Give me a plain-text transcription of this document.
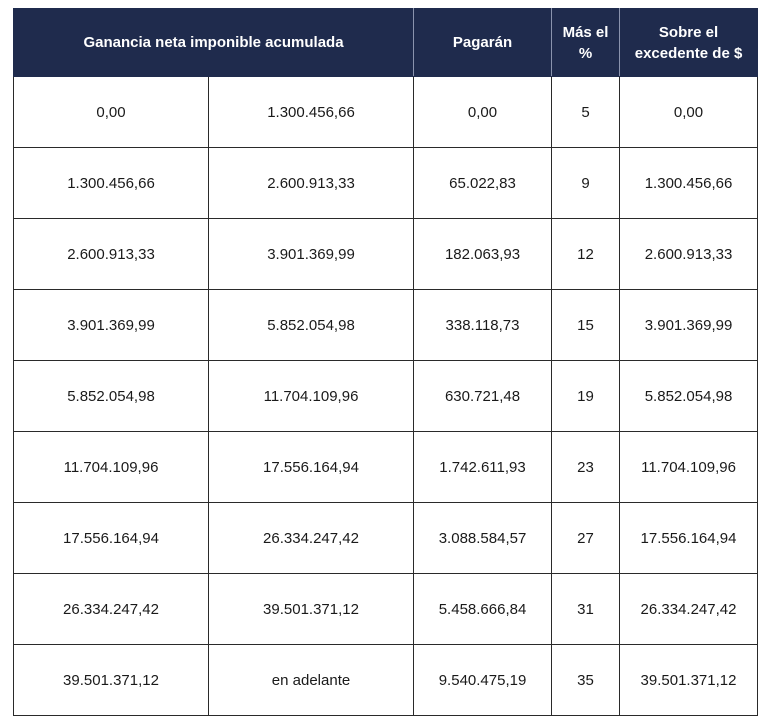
Ganancia neta imponible acumulada		Pagarán	Más el %	Sobre el excedente de $
0,00	1.300.456,66	0,00	5	0,00
1.300.456,66	2.600.913,33	65.022,83	9	1.300.456,66
2.600.913,33	3.901.369,99	182.063,93	12	2.600.913,33
3.901.369,99	5.852.054,98	338.118,73	15	3.901.369,99
5.852.054,98	11.704.109,96	630.721,48	19	5.852.054,98
11.704.109,96	17.556.164,94	1.742.611,93	23	11.704.109,96
17.556.164,94	26.334.247,42	3.088.584,57	27	17.556.164,94
26.334.247,42	39.501.371,12	5.458.666,84	31	26.334.247,42
39.501.371,12	en adelante	9.540.475,19	35	39.501.371,12
